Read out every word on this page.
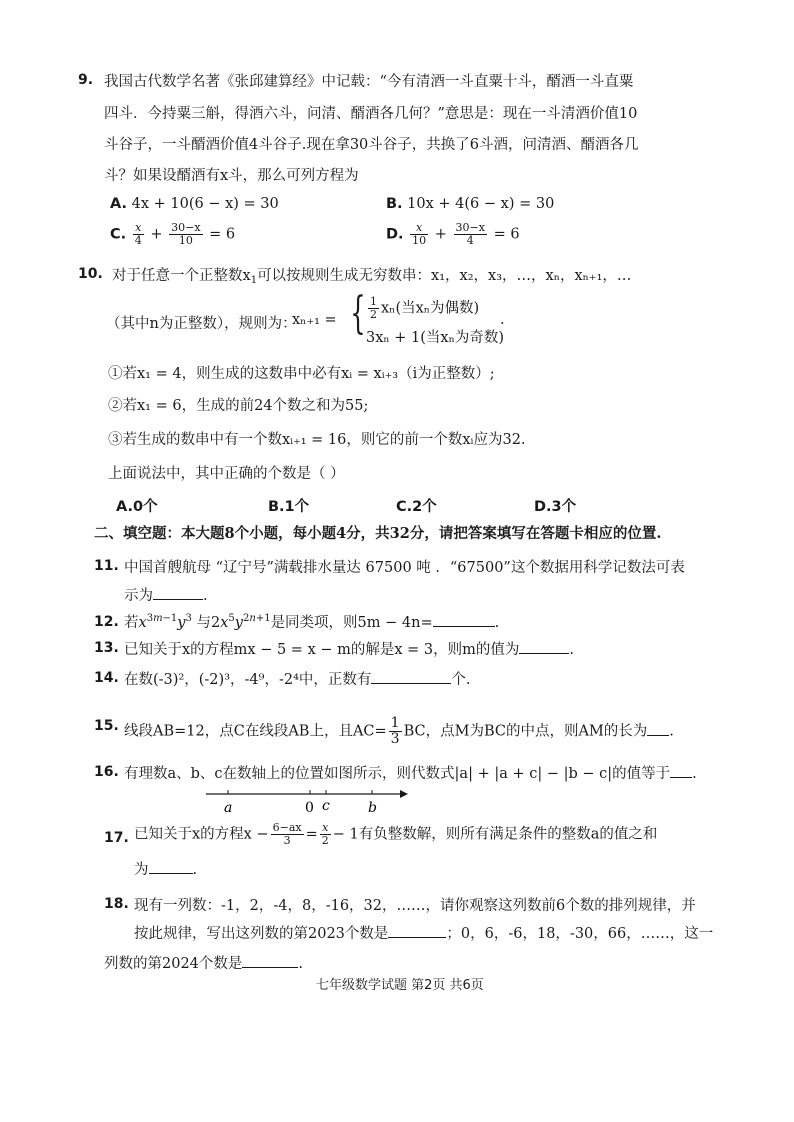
9. 我国古代数学名著《张邱建算经》中记载：“今有清酒一斗直粟十斗，醑酒一斗直粟
四斗．今持粟三斛，得酒六斗，问清、醑酒各几何？”意思是：现在一斗清酒价值10
斗谷子，一斗醑酒价值4斗谷子.现在拿30斗谷子，共换了6斗酒，问清酒、醑酒各几
斗？如果设醑酒有x斗，那么可列方程为
A. 4x + 10(6 − x) = 30	B. 10x + 4(6 − x) = 30
C. $\frac{x}{4} + \frac{30-x}{10} = 6$	D. $\frac{x}{10} + \frac{30-x}{4} = 6$
10. 对于任意一个正整数$x_1$可以按规则生成无穷数串：x₁，x₂，x₃，…，xₙ，xₙ₊₁，…
（其中n为正整数），规则为：
xₙ₊₁ = { $\frac{1}{2} x_n$(当xₙ为偶数)
3xₙ + 1(当xₙ为奇数)
.
①若x₁ = 4，则生成的这数串中必有xᵢ = xᵢ₊₃（i为正整数）;
②若x₁ = 6，生成的前24个数之和为55;
③若生成的数串中有一个数xᵢ₊₁ = 16，则它的前一个数xᵢ应为32.
上面说法中，其中正确的个数是（ ）
A.0个	B.1个	C.2个	D.3个
二、填空题：本大题8个小题，每小题4分，共32分，请把答案填写在答题卡相应的位置.
11. 中国首艘航母 “辽宁号”满载排水量达 67500 吨 ．“67500”这个数据用科学记数法可表
示为	.
12. 若$x^{3m-1}y^3$ 与$2x^5y^{2n+1}$是同类项，则5m − 4n=	.
13. 已知关于x的方程mx − 5 = x − m的解是x = 3，则m的值为	.
14. 在数(-3)²，(-2)³，-4⁹，-2⁴中，正数有	个.
15. 线段AB=12，点C在线段AB上，且$AC= \frac{1}{3}$ BC，点M为BC的中点，则AM的长为 .
16. 有理数a、b、c在数轴上的位置如图所示，则代数式|a| + |a + c| − |b − c|的值等于 .
a	0 c	b
17. 已知关于x的方程$x - \frac{6-ax}{3} = \frac{x}{2} - 1$有负整数解，则所有满足条件的整数a的值之和
为	.
18. 现有一列数：-1，2，-4，8，-16，32，……，请你观察这列数前6个数的排列规律，并
按此规律，写出这列数的第2023个数是	；0，6，-6，18，-30，66，……，这一
列数的第2024个数是	.
七年级数学试题 第2页 共6页
